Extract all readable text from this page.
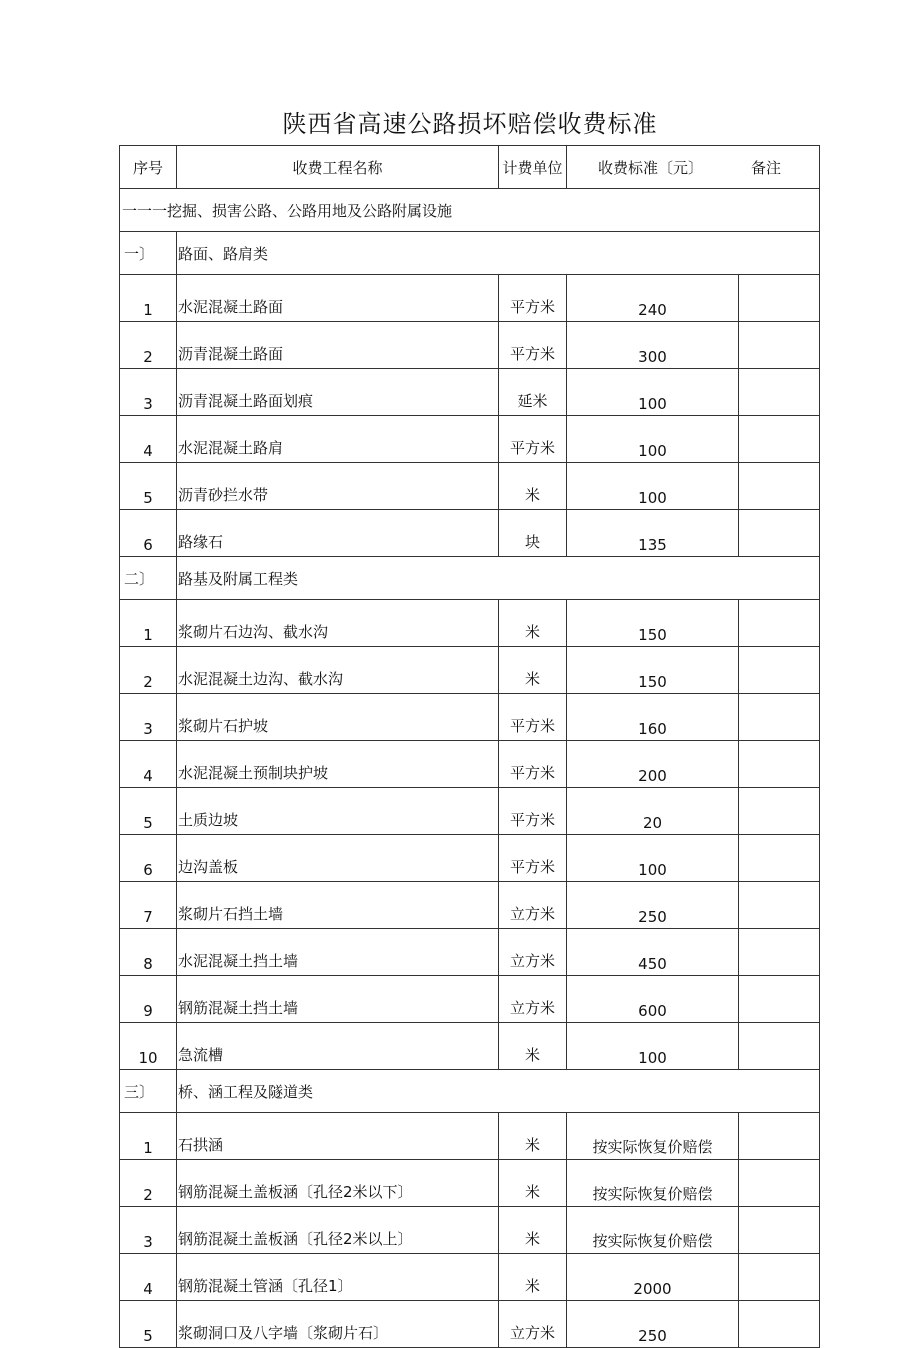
陕西省高速公路损坏赔偿收费标准
序号	收费工程名称	计费单位	收费标准〔元〕 备注	
一一一挖掘、损害公路、公路用地及公路附属设施				
一〕	路面、路肩类			
1	水泥混凝土路面	平方米	240	
2	沥青混凝土路面	平方米	300	
3	沥青混凝土路面划痕	延米	100	
4	水泥混凝土路肩	平方米	100	
5	沥青砂拦水带	米	100	
6	路缘石	块	135	
二〕	路基及附属工程类			
1	浆砌片石边沟、截水沟	米	150	
2	水泥混凝土边沟、截水沟	米	150	
3	浆砌片石护坡	平方米	160	
4	水泥混凝土预制块护坡	平方米	200	
5	土质边坡	平方米	20	
6	边沟盖板	平方米	100	
7	浆砌片石挡土墙	立方米	250	
8	水泥混凝土挡土墙	立方米	450	
9	钢筋混凝土挡土墙	立方米	600	
10	急流槽	米	100	
三〕	桥、涵工程及隧道类			
1	石拱涵	米	按实际恢复价赔偿	
2	钢筋混凝土盖板涵〔孔径2米以下〕	米	按实际恢复价赔偿	
3	钢筋混凝土盖板涵〔孔径2米以上〕	米	按实际恢复价赔偿	
4	钢筋混凝土管涵〔孔径1〕	米	2000	
5	浆砌洞口及八字墙〔浆砌片石〕	立方米	250	
